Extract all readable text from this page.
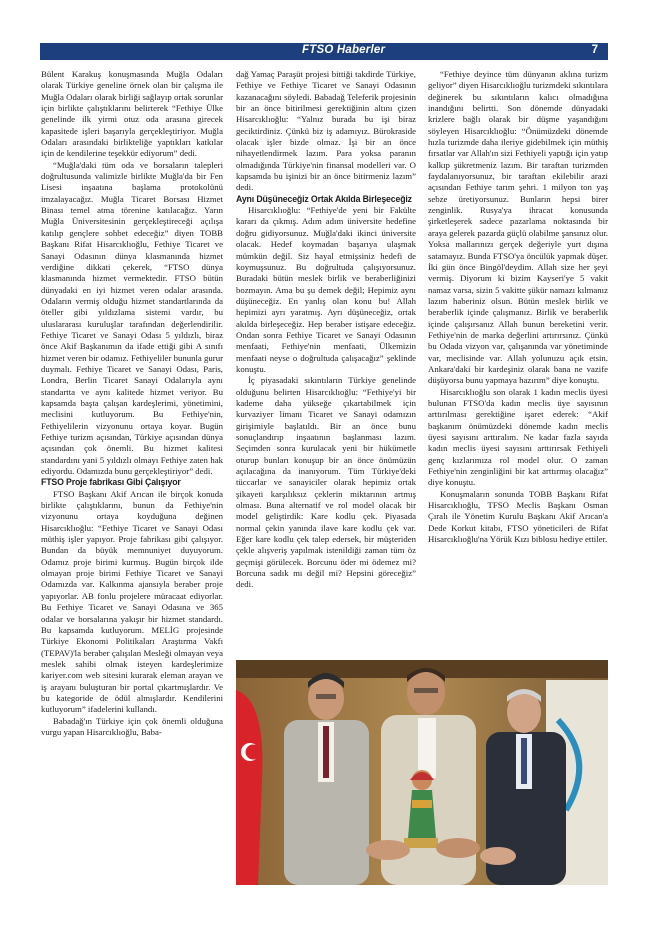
FTSO Haberler	7

Bülent Karakuş konuşmasında Muğla Odaları olarak Türkiye geneline örnek olan bir çalışma ile Muğla Odaları olarak birliği sağlayıp ortak sorunlar için birlikte çalıştıklarını belirterek “Fethiye Ülke genelinde ilk yirmi otuz oda arasına girecek kapasitede işleri başarıyla gerçekleştiriyor. Muğla Odaları arasındaki birlikteliğe yaptıkları katkılar için de kendilerine teşekkür ediyorum” dedi.

“Muğla'daki tüm oda ve borsaların talepleri doğrultusunda valimizle birlikte Muğla'da bir Fen Lisesi inşaatına başlama protokolünü imzalayacağız. Muğla Ticaret Borsası Hizmet Binası temel atma törenine katılacağız. Yarın Muğla Üniversitesinin gerçekleştireceği açılışa katılıp gençlere sohbet edeceğiz” diyen TOBB Başkanı Rifat Hisarcıklıoğlu, Fethiye Ticaret ve Sanayi Odasının dünya klasmanında hizmet verdiğine dikkati çekerek, “FTSO dünya klasmanında hizmet vermektedir. FTSO bütün dünyadaki en iyi hizmet veren odalar arasında. Odaların vermiş olduğu hizmet standartlarında da öteller gibi yıldızlama sistemi vardır, bu uluslararası kuruluşlar tarafından değerlendirilir. Fethiye Ticaret ve Sanayi Odası 5 yıldızlı, biraz önce Akif Başkanımın da ifade ettiği gibi A sınıfı hizmet veren bir odamız. Fethiyeliler bununla gurur duymalı. Fethiye Ticaret ve Sanayi Odası, Paris, Londra, Berlin Ticaret Sanayi Odalarıyla aynı standartta ve aynı kalitede hizmet veriyor. Bu kapsamda başta çalışan kardeşlerimi, yönetimini, meclisini kutluyorum. Bu Fethiye'nin, Fethiyelilerin vizyonunu ortaya koyar. Bugün Fethiye turizm açısından, Türkiye açısından dünya açısından çok önemli. Bu hizmet kalitesi standardını yani 5 yıldızlı olmayı Fethiye zaten hak ediyordu. Odamızda bunu gerçekleştiriyor” dedi.

FTSO Proje fabrikası Gibi Çalışıyor

FTSO Başkanı Akif Arıcan ile birçok konuda birlikte çalıştıklarını, bunun da Fethiye'nin vizyonunu ortaya koyduğuna değinen Hisarcıklıoğlu: “Fethiye Ticaret ve Sanayi Odası müthiş işler yapıyor. Proje fabrikası gibi çalışıyor. Bundan da büyük memnuniyet duyuyorum. Odamız proje birimi kurmuş. Bugün birçok ilde olmayan proje birimi Fethiye Ticaret ve Sanayi Odamızda var. Kalkınma ajansıyla beraber proje yapıyorlar. AB fonlu projelere müracaat ediyorlar. Bu Fethiye Ticaret ve Sanayi Odasına ve 365 odalar ve borsalarına yakışır bir hizmet standardı. Bu kapsamda kutluyorum. MELİG projesinde Türkiye Ekonomi Politikaları Araştırma Vakfı (TEPAV)'la beraber çalışılan Mesleği olmayan veya meslek sahibi olmak isteyen kardeşlerimize kariyer.com web sitesini kurarak eleman arayan ve iş arayanı buluşturan bir portal çıkartmışlardır. Ve bu kategoride de ödül almışlardır. Kendilerini kutluyorum” ifadelerini kullandı.

Babadağ'ın Türkiye için çok önemli olduğuna vurgu yapan Hisarcıklıoğlu, Baba-

dağ Yamaç Paraşüt projesi bittiği takdirde Türkiye, Fethiye ve Fethiye Ticaret ve Sanayi Odasının kazanacağını söyledi. Babadağ Teleferik projesinin bir an önce bitirilmesi gerektiğinin altını çizen Hisarcıklıoğlu: “Yalnız burada bu işi biraz geciktirdiniz. Çünkü biz iş adamıyız. Bürokraside olacak işler bizde olmaz. İşi bir an önce nihayetlendirmek lazım. Para yoksa paranın olmadığında Türkiye'nin finansal modelleri var. O kapsamda bu işinizi bir an önce bitirmeniz lazım” dedi.

Aynı Düşüneceğiz Ortak Akılda Birleşeceğiz

Hisarcıklıoğlu: “Fethiye'de yeni bir Fakülte kararı da çıkmış. Adım adım üniversite hedefine doğru gidiyorsunuz. Muğla'daki ikinci üniversite olacak. Hedef koymadan başarıya ulaşmak mümkün değil. Siz hayal etmişsiniz hedefi de koymuşsunuz. Bu doğrultuda çalışıyorsunuz. Buradaki bütün meslek birlik ve beraberliğinizi bozmayın. Ama bu şu demek değil; Hepimiz aynı düşüneceğiz. En yanlış olan konu bu! Allah hepimizi ayrı yaratmış. Ayrı düşüneceğiz, ortak akılda birleşeceğiz. Hep beraber istişare edeceğiz. Ondan sonra Fethiye Ticaret ve Sanayi Odasının menfaati, Fethiye'nin menfaati, Ülkemizin menfaati neyse o doğrultuda çalışacağız” şeklinde konuştu.

İç piyasadaki sıkıntıların Türkiye genelinde olduğunu belirten Hisarcıklıoğlu: “Fethiye'yi bir kademe daha yükseğe çıkartabilmek için kurvaziyer limanı Ticaret ve Sanayi odamızın girişimiyle başlatıldı. Bir an önce bunu sonuçlandırıp inşaatının başlanması lazım. Seçimden sonra kurulacak yeni bir hükümetle oturup bunları konuşup bir an önce önümüzün açılacağına da inanıyorum. Tüm Türkiye'deki tüccarlar ve sanayiciler olarak hepimiz ortak şikayeti karşılıksız çeklerin miktarının artmış olması. Buna alternatif ve rol model olacak bir model geliştirdik: Kare kodlu çek. Piyasada normal çekin yanında ilave kare kodlu çek var. Eğer kare kodlu çek talep edersek, bir müşteriden çekle alışveriş yapılmak istenildiği zaman tüm öz geçmişi görülecek. Borcunu öder mi ödemez mi? Borcuna sadık mı değil mi? Hepsini göreceğiz” dedi.

“Fethiye deyince tüm dünyanın aklına turizm geliyor” diyen Hisarcıklıoğlu turizmdeki sıkıntılara değinerek bu sıkıntıların kalıcı olmadığına inandığını belirtti. Son dönemde dünyadaki krizlere bağlı olarak bir düşme yaşandığını söyleyen Hisarcıklıoğlu: “Önümüzdeki dönemde hızla turizmde daha ileriye gidebilmek için müthiş fırsatlar var Allah'ın sizi Fethiyeli yaptığı için yatıp kalkıp şükretmeniz lazım. Bir taraftan turizmden faydalanıyorsunuz, bir taraftan ekilebilir arazi açısından Fethiye tarım şehri. 1 milyon ton yaş sebze üretiyorsunuz. Bunların hepsi birer zenginlik. Rusya'ya ihracat konusunda şirketleşerek sadece pazarlama noktasında bir araya gelerek pazarda güçlü olabilme şansınız olur. Yoksa mallarınızı gerçek değeriyle yurt dışına satamayız. Bunda FTSO'ya öncülük yapmak düşer. İki gün önce Bingöl'deydim. Allah size her şeyi vermiş. Diyorum ki bizim Kayseri'ye 5 vakit namaz varsa, sizin 5 vakitte şükür namazı kılmanız lazım haberiniz olsun. Bütün meslek birlik ve beraberlik içinde çalışmanız. Birlik ve beraberlik içinde çalışırsanız Allah bunun bereketini verir. Fethiye'nin de marka değerlini artırırsınız. Çünkü bu Odada vizyon var, çalışanında var yönetiminde var, meclisinde var. Allah yolunuzu açık etsin. Ankara'daki bir kardeşiniz olarak bana ne vazife düşüyorsa bunu yapmaya hazırım” diye konuştu.

Hisarcıklıoğlu son olarak 1 kadın meclis üyesi bulunan FTSO'da kadın meclis üye sayısının arttırılması gerektiğine işaret ederek: “Akif başkanım önümüzdeki dönemde kadın meclis üyesi sayısını arttıralım. Ne kadar fazla sayıda kadın meclis üyesi sayısını arttırırsak Fethiyeli genç kızlarımıza rol model olur. O zaman Fethiye'nin zenginliğini bir kat arttırmış olacağız” diye konuştu.

Konuşmaların sonunda TOBB Başkanı Rifat Hisarcıklıoğlu, TFSO Meclis Başkanı Osman Çıralı ile Yönetim Kurulu Başkanı Akif Arıcan'a Dede Korkut kitabı, FTSO yöneticileri de Rifat Hisarcıklıoğlu'na Yörük Kızı biblosu hediye ettiler.
